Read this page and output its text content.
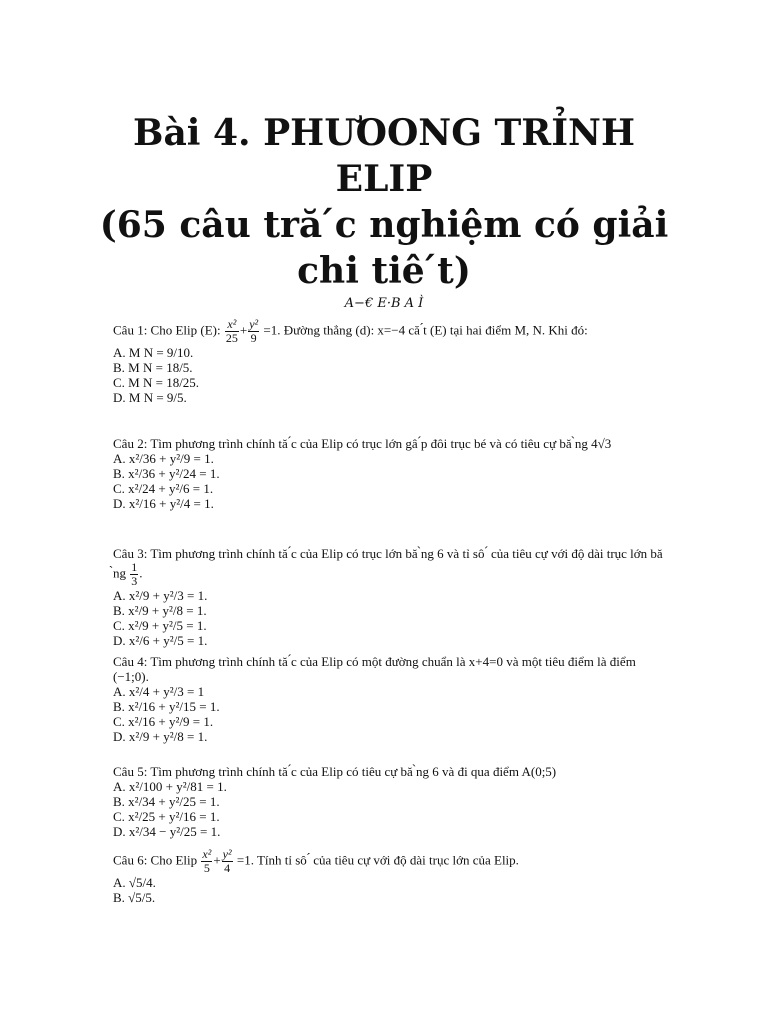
Bài 4. PHƯOONG TRỈNH
ELIP
(65 câu tră ́c nghiệm có giải
chi tiê ́t)
A−€ E·B A Ì

Câu 1: Cho Elip (E): $\frac{\text{x²}}{25} + \frac{\text{y²}}{9} =1$. Đường thẳng (d): x=−4 că ́t (E) tại hai điểm M, N. Khi đó:

A. M N = 9/10.

B. M N = 18/5.

C. M N = 18/25.

D. M N = 9/5.

Câu 2: Tìm phương trình chính tă ́c của Elip có trục lớn gâ ́p đôi trục bé và có tiêu cự bă ̀ng 4√3

A. x²/36 + y²/9 = 1.

B. x²/36 + y²/24 = 1.

C. x²/24 + y²/6 = 1.

D. x²/16 + y²/4 = 1.

Câu 3: Tìm phương trình chính tă ́c của Elip có trục lớn bă ̀ng 6 và tỉ sô ́ của tiêu cự với độ dài trục lớn bă ̀ng $\frac{1}{3}$ .

A. x²/9 + y²/3 = 1.

B. x²/9 + y²/8 = 1.

C. x²/9 + y²/5 = 1.

D. x²/6 + y²/5 = 1.

Câu 4: Tìm phương trình chính tă ́c của Elip có một đường chuẩn là x+4=0 và một tiêu điểm là điểm (−1;0).

A. x²/4 + y²/3 = 1

B. x²/16 + y²/15 = 1.

C. x²/16 + y²/9 = 1.

D. x²/9 + y²/8 = 1.

Câu 5: Tìm phương trình chính tă ́c của Elip có tiêu cự bă ̀ng 6 và đi qua điểm A(0;5)

A. x²/100 + y²/81 = 1.

B. x²/34 + y²/25 = 1.

C. x²/25 + y²/16 = 1.

D. x²/34 − y²/25 = 1.

Câu 6: Cho Elip $\frac{\text{x²}}{5} + \frac{\text{y²}}{4} =1$. Tính tỉ sô ́ của tiêu cự với độ dài trục lớn của Elip.

A. √5/4.

B. √5/5.
